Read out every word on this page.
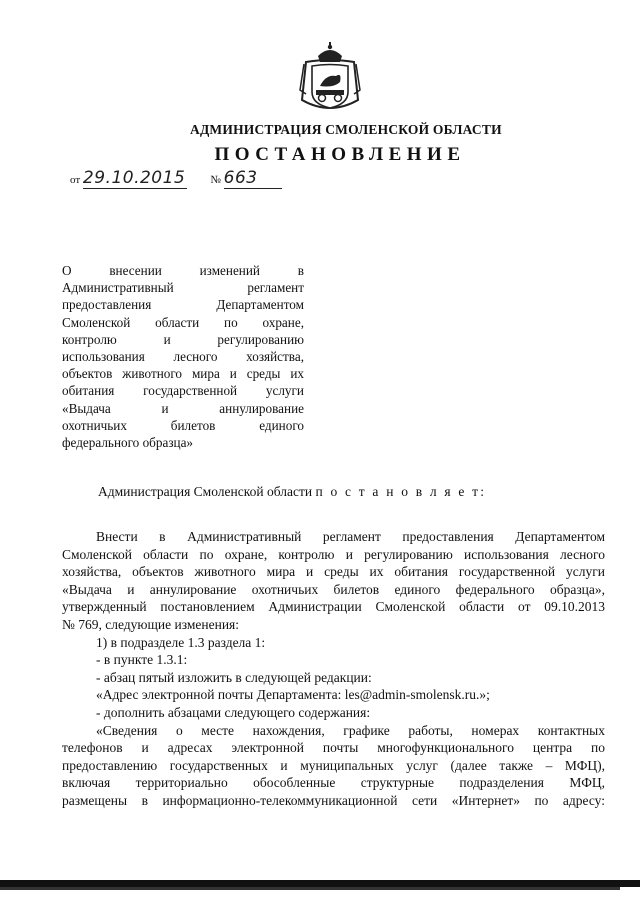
АДМИНИСТРАЦИЯ СМОЛЕНСКОЙ ОБЛАСТИ
ПОСТАНОВЛЕНИЕ
от 29.10.2015 № 663
О внесении изменений в
Административный регламент
предоставления Департаментом
Смоленской области по охране,
контролю и регулированию
использования лесного хозяйства,
объектов животного мира и среды их
обитания государственной услуги
«Выдача и аннулирование
охотничьих билетов единого
федерального образца»
Администрация Смоленской области п о с т а н о в л я е т:

Внести в Административный регламент предоставления Департаментом

Смоленской области по охране, контролю и регулированию использования лесного

хозяйства, объектов животного мира и среды их обитания государственной услуги

«Выдача и аннулирование охотничьих билетов единого федерального образца»,

утвержденный постановлением Администрации Смоленской области от 09.10.2013

№ 769, следующие изменения:

1) в подразделе 1.3 раздела 1:

- в пункте 1.3.1:

- абзац пятый изложить в следующей редакции:

«Адрес электронной почты Департамента: les@admin-smolensk.ru.»;

- дополнить абзацами следующего содержания:

«Сведения о месте нахождения, графике работы, номерах контактных

телефонов и адресах электронной почты многофункционального центра по

предоставлению государственных и муниципальных услуг (далее также – МФЦ),

включая территориально обособленные структурные подразделения МФЦ,

размещены в информационно-телекоммуникационной сети «Интернет» по адресу:
